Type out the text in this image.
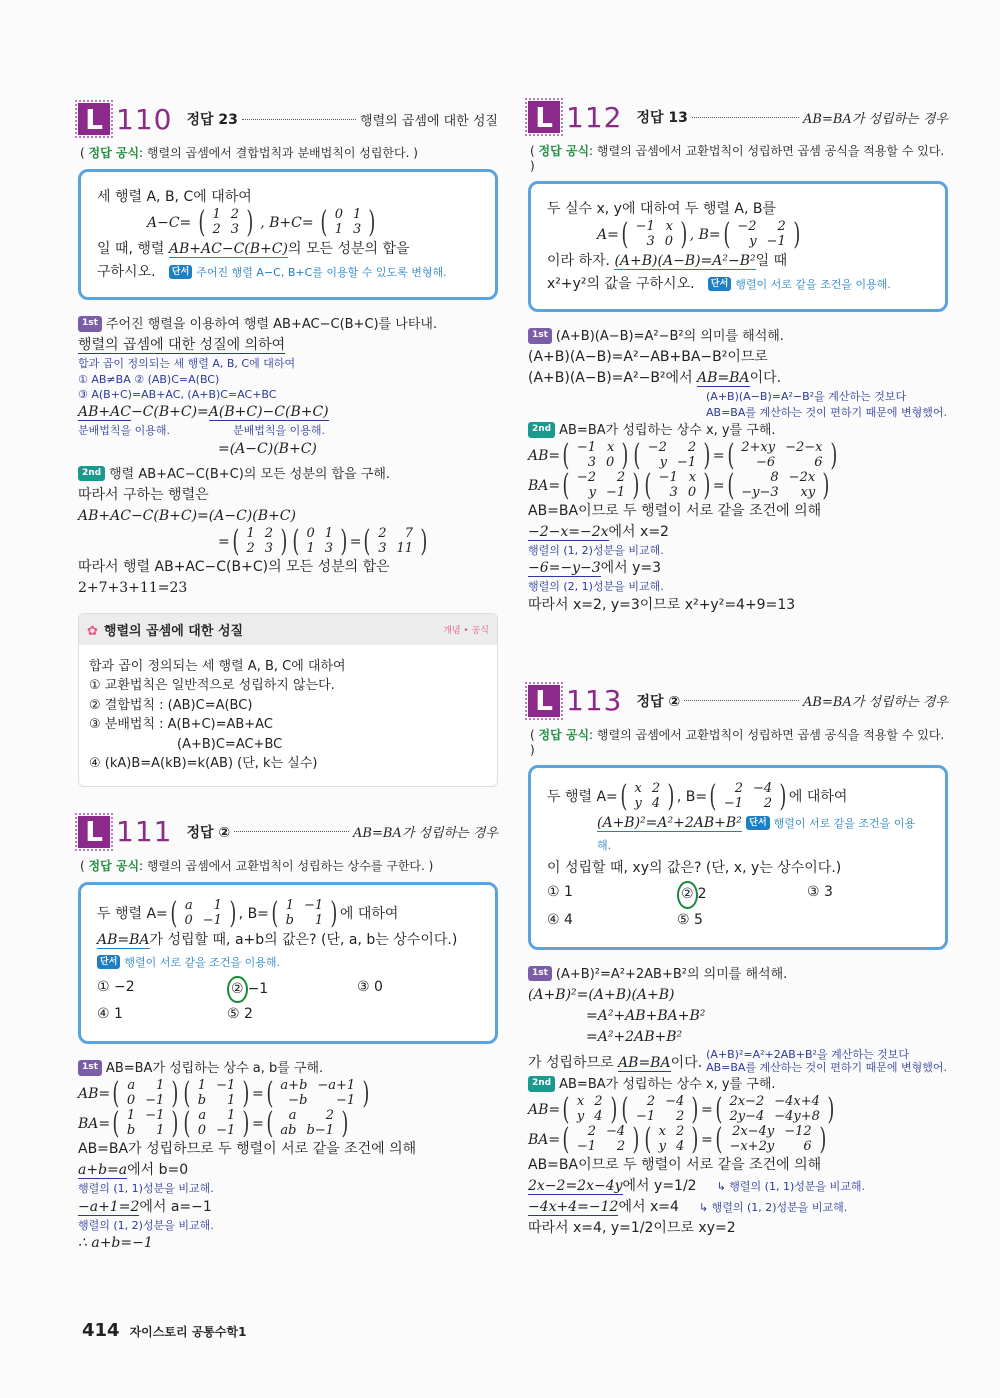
L 110 정답 23	행렬의 곱셈에 대한 성질
( 정답 공식: 행렬의 곱셈에서 결합법칙과 분배법칙이 성립한다. )
세 행렬 A, B, C에 대하여
A−C= ( 1	2
2	3 ) , B+C= ( 0	1
1	3 )
일 때, 행렬 AB+AC−C(B+C)의 모든 성분의 합을
구하시오. 단서 주어진 행렬 A−C, B+C를 이용할 수 있도록 변형해.
1st 주어진 행렬을 이용하여 행렬 AB+AC−C(B+C)를 나타내.
행렬의 곱셈에 대한 성질에 의하여
합과 곱이 정의되는 세 행렬 A, B, C에 대하여
① AB≠BA ② (AB)C=A(BC)
③ A(B+C)=AB+AC, (A+B)C=AC+BC
AB+AC−C(B+C)=A(B+C)−C(B+C)
분배법칙을 이용해.	분배법칙을 이용해.
=(A−C)(B+C)
2nd 행렬 AB+AC−C(B+C)의 모든 성분의 합을 구해.
따라서 구하는 행렬은
AB+AC−C(B+C)=(A−C)(B+C)
= ( 1	2
2	3 ) ( 0	1
1	3 ) = ( 2	7
3	11 )
따라서 행렬 AB+AC−C(B+C)의 모든 성분의 합은
2+7+3+11=23
✿ 행렬의 곱셈에 대한 성질	개념 • 공식
합과 곱이 정의되는 세 행렬 A, B, C에 대하여
① 교환법칙은 일반적으로 성립하지 않는다.
② 결합법칙 : (AB)C=A(BC)
③ 분배법칙 : A(B+C)=AB+AC
(A+B)C=AC+BC
④ (kA)B=A(kB)=k(AB) (단, k는 실수)
L 111 정답 ②	AB=BA가 성립하는 경우
( 정답 공식: 행렬의 곱셈에서 교환법칙이 성립하는 상수를 구한다. )
두 행렬 A= ( a	1
0	−1 ) , B= ( 1	−1
b	1 ) 에 대하여
AB=BA가 성립할 때, a+b의 값은? (단, a, b는 상수이다.)
단서 행렬이 서로 같을 조건을 이용해.
① −2	② −1	③ 0
④ 1	⑤ 2
1st AB=BA가 성립하는 상수 a, b를 구해.
AB= ( a	1
0	−1 ) ( 1	−1
b	1 ) = ( a+b	−a+1
−b	−1 )
BA= ( 1	−1
b	1 ) ( a	1
0	−1 ) = ( a	2
ab	b−1 )
AB=BA가 성립하므로 두 행렬이 서로 같을 조건에 의해
a+b=a에서 b=0
행렬의 (1, 1)성분을 비교해.
−a+1=2에서 a=−1
행렬의 (1, 2)성분을 비교해.
∴ a+b=−1
L 112 정답 13	AB=BA가 성립하는 경우
( 정답 공식: 행렬의 곱셈에서 교환법칙이 성립하면 곱셈 공식을 적용할 수 있다. )
두 실수 x, y에 대하여 두 행렬 A, B를
A= ( −1	x
3	0 ) , B= ( −2	2
y	−1 )
이라 하자. (A+B)(A−B)=A²−B²일 때
x²+y²의 값을 구하시오. 단서 행렬이 서로 같을 조건을 이용해.
1st (A+B)(A−B)=A²−B²의 의미를 해석해.
(A+B)(A−B)=A²−AB+BA−B²이므로
(A+B)(A−B)=A²−B²에서 AB=BA이다.
(A+B)(A−B)=A²−B²을 계산하는 것보다
AB=BA를 계산하는 것이 편하기 때문에 변형했어.
2nd AB=BA가 성립하는 상수 x, y를 구해.
AB= ( −1	x
3	0 ) ( −2	2
y	−1 ) = ( 2+xy	−2−x
−6	6 )
BA= ( −2	2
y	−1 ) ( −1	x
3	0 ) = (	8	−2x
−y−3	xy )
AB=BA이므로 두 행렬이 서로 같을 조건에 의해
−2−x=−2x에서 x=2
행렬의 (1, 2)성분을 비교해.
−6=−y−3에서 y=3
행렬의 (2, 1)성분을 비교해.
따라서 x=2, y=3이므로 x²+y²=4+9=13
L 113 정답 ②	AB=BA가 성립하는 경우
( 정답 공식: 행렬의 곱셈에서 교환법칙이 성립하면 곱셈 공식을 적용할 수 있다. )
두 행렬 A= ( x	2
y	4 ) , B= ( 2	−4
−1	2 ) 에 대하여
(A+B)²=A²+2AB+B² 단서 행렬이 서로 같을 조건을 이용해.
이 성립할 때, xy의 값은? (단, x, y는 상수이다.)
① 1	② 2	③ 3
④ 4	⑤ 5
1st (A+B)²=A²+2AB+B²의 의미를 해석해.
(A+B)²=(A+B)(A+B)
=A²+AB+BA+B²
=A²+2AB+B²
가 성립하므로 AB=BA이다.
(A+B)²=A²+2AB+B²을 계산하는 것보다
AB=BA를 계산하는 것이 편하기 때문에 변형했어.
2nd AB=BA가 성립하는 상수 x, y를 구해.
AB= ( x	2
y	4 ) ( 2	−4
−1	2 ) = ( 2x−2	−4x+4
2y−4	−4y+8 )
BA= ( 2	−4
−1	2 ) ( x	2
y	4 ) = ( 2x−4y	−12
−x+2y	6 )
AB=BA이므로 두 행렬이 서로 같을 조건에 의해
2x−2=2x−4y에서 y=1/2 ↳ 행렬의 (1, 1)성분을 비교해.
−4x+4=−12에서 x=4 ↳ 행렬의 (1, 2)성분을 비교해.
따라서 x=4, y=1/2이므로 xy=2
414 자이스토리 공통수학1
